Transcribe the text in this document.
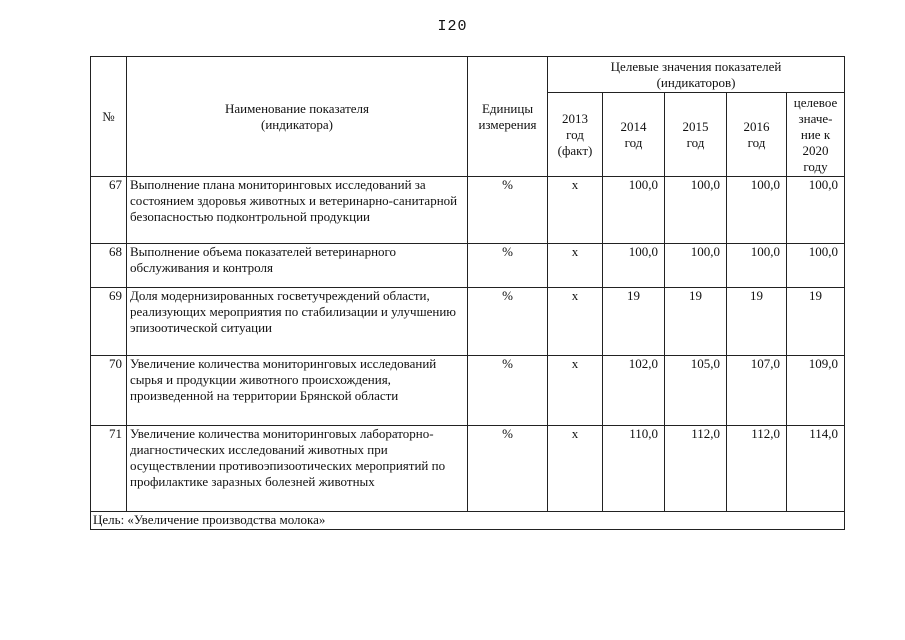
I20
№	Наименование показателя (индикатора)	Единицы измерения	Целевые значения показателей (индикаторов)				
			2013 год (факт)	2014 год	2015 год	2016 год	целевое значе-ние к 2020 году
67	Выполнение плана мониторинговых исследований за состоянием здоровья животных и ветеринарно-санитарной безопасностью подконтрольной продукции	%	х	100,0	100,0	100,0	100,0
68	Выполнение объема показателей ветеринарного обслуживания и контроля	%	х	100,0	100,0	100,0	100,0
69	Доля модернизированных госветучреждений области, реализующих мероприятия по стабилизации и улучшению эпизоотической ситуации	%	х	19	19	19	19
70	Увеличение количества мониторинговых исследований сырья и продукции животного происхождения, произведенной на территории Брянской области	%	х	102,0	105,0	107,0	109,0
71	Увеличение количества мониторинговых лабораторно-диагностических исследований животных при осуществлении противоэпизоотических мероприятий по профилактике заразных болезней животных	%	х	110,0	112,0	112,0	114,0
Цель: «Увеличение производства молока»							
